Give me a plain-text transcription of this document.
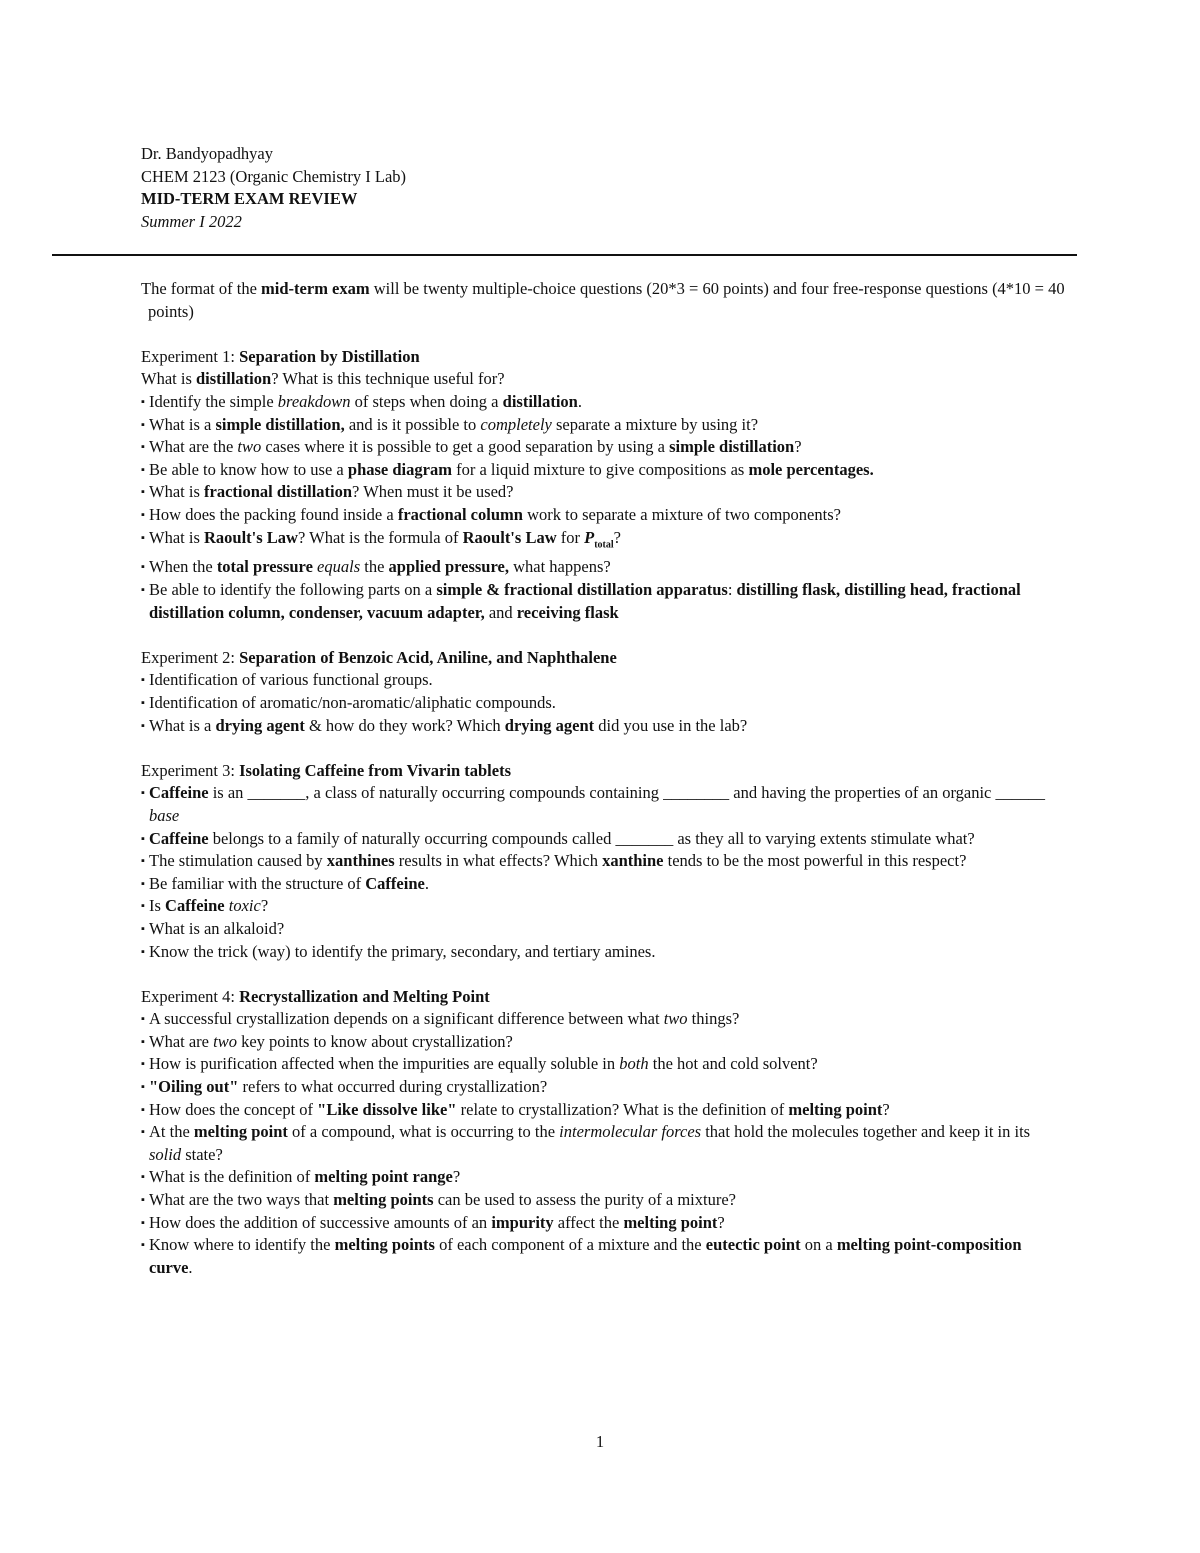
Dr. Bandyopadhyay
CHEM 2123 (Organic Chemistry I Lab)
MID-TERM EXAM REVIEW
Summer I 2022

The format of the mid-term exam will be twenty multiple-choice questions (20*3 = 60 points) and four free-response questions (4*10 = 40 points)

Experiment 1: Separation by Distillation

What is distillation? What is this technique useful for?

▪ Identify the simple breakdown of steps when doing a distillation.
▪ What is a simple distillation, and is it possible to completely separate a mixture by using it?
▪ What are the two cases where it is possible to get a good separation by using a simple distillation?
▪ Be able to know how to use a phase diagram for a liquid mixture to give compositions as mole percentages.
▪ What is fractional distillation? When must it be used?
▪ How does the packing found inside a fractional column work to separate a mixture of two components?
▪ What is Raoult's Law? What is the formula of Raoult's Law for $P_{total}$?
▪ When the total pressure equals the applied pressure, what happens?
▪ Be able to identify the following parts on a simple & fractional distillation apparatus: distilling flask, distilling head, fractional distillation column, condenser, vacuum adapter, and receiving flask

Experiment 2: Separation of Benzoic Acid, Aniline, and Naphthalene

▪ Identification of various functional groups.
▪ Identification of aromatic/non-aromatic/aliphatic compounds.
▪ What is a drying agent & how do they work? Which drying agent did you use in the lab?

Experiment 3: Isolating Caffeine from Vivarin tablets

▪ Caffeine is an _______, a class of naturally occurring compounds containing ________ and having the properties of an organic ______ base
▪ Caffeine belongs to a family of naturally occurring compounds called _______ as they all to varying extents stimulate what?
▪ The stimulation caused by xanthines results in what effects? Which xanthine tends to be the most powerful in this respect?
▪ Be familiar with the structure of Caffeine.
▪ Is Caffeine toxic?
▪ What is an alkaloid?
▪ Know the trick (way) to identify the primary, secondary, and tertiary amines.

Experiment 4: Recrystallization and Melting Point

▪ A successful crystallization depends on a significant difference between what two things?
▪ What are two key points to know about crystallization?
▪ How is purification affected when the impurities are equally soluble in both the hot and cold solvent?
▪ "Oiling out" refers to what occurred during crystallization?
▪ How does the concept of "Like dissolve like" relate to crystallization? What is the definition of melting point?
▪ At the melting point of a compound, what is occurring to the intermolecular forces that hold the molecules together and keep it in its solid state?
▪ What is the definition of melting point range?
▪ What are the two ways that melting points can be used to assess the purity of a mixture?
▪ How does the addition of successive amounts of an impurity affect the melting point?
▪ Know where to identify the melting points of each component of a mixture and the eutectic point on a melting point-composition curve.
1
